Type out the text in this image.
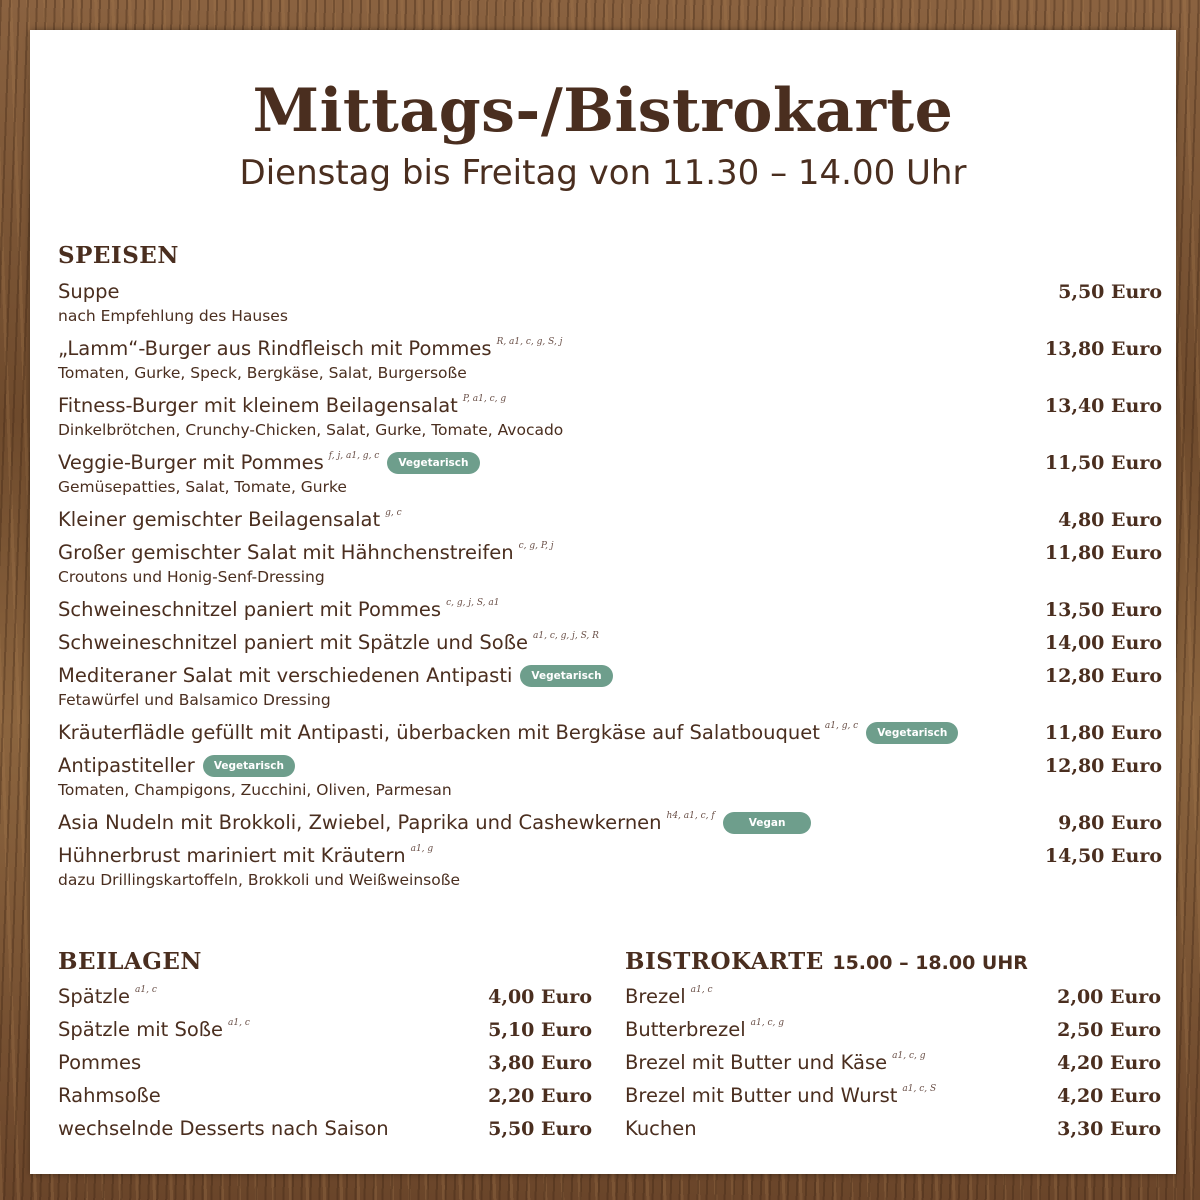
Mittags-/Bistrokarte
Dienstag bis Freitag von 11.30 – 14.00 Uhr
SPEISEN
Suppe	5,50 Euro
nach Empfehlung des Hauses
„Lamm“-Burger aus Rindfleisch mit Pommes R, a1, c, g, S, j	13,80 Euro
Tomaten, Gurke, Speck, Bergkäse, Salat, Burgersoße
Fitness-Burger mit kleinem Beilagensalat P, a1, c, g	13,40 Euro
Dinkelbrötchen, Crunchy-Chicken, Salat, Gurke, Tomate, Avocado
Veggie-Burger mit Pommes f, j, a1, g, c
Vegetarisch	11,50 Euro
Gemüsepatties, Salat, Tomate, Gurke
Kleiner gemischter Beilagensalat g, c	4,80 Euro
Großer gemischter Salat mit Hähnchenstreifen c, g, P, j	11,80 Euro
Croutons und Honig-Senf-Dressing
Schweineschnitzel paniert mit Pommes c, g, j, S, a1	13,50 Euro
Schweineschnitzel paniert mit Spätzle und Soße a1, c, g, j, S, R	14,00 Euro
Mediteraner Salat mit verschiedenen Antipasti	Vegetarisch	12,80 Euro
Fetawürfel und Balsamico Dressing
Kräuterflädle gefüllt mit Antipasti, überbacken mit Bergkäse auf Salatbouquet a1, g, c
Vegetarisch	11,80 Euro
Antipastiteller	Vegetarisch	12,80 Euro
Tomaten, Champigons, Zucchini, Oliven, Parmesan
Asia Nudeln mit Brokkoli, Zwiebel, Paprika und Cashewkernen h4, a1, c, f
Vegan	9,80 Euro
Hühnerbrust mariniert mit Kräutern a1, g	14,50 Euro
dazu Drillingskartoffeln, Brokkoli und Weißweinsoße
BEILAGEN
Spätzle a1, c	4,00 Euro
Spätzle mit Soße a1, c	5,10 Euro
Pommes	3,80 Euro
Rahmsoße	2,20 Euro
wechselnde Desserts nach Saison	5,50 Euro
BISTROKARTE 15.00 – 18.00 UHR
Brezel a1, c	2,00 Euro
Butterbrezel a1, c, g	2,50 Euro
Brezel mit Butter und Käse a1, c, g	4,20 Euro
Brezel mit Butter und Wurst a1, c, S	4,20 Euro
Kuchen	3,30 Euro
